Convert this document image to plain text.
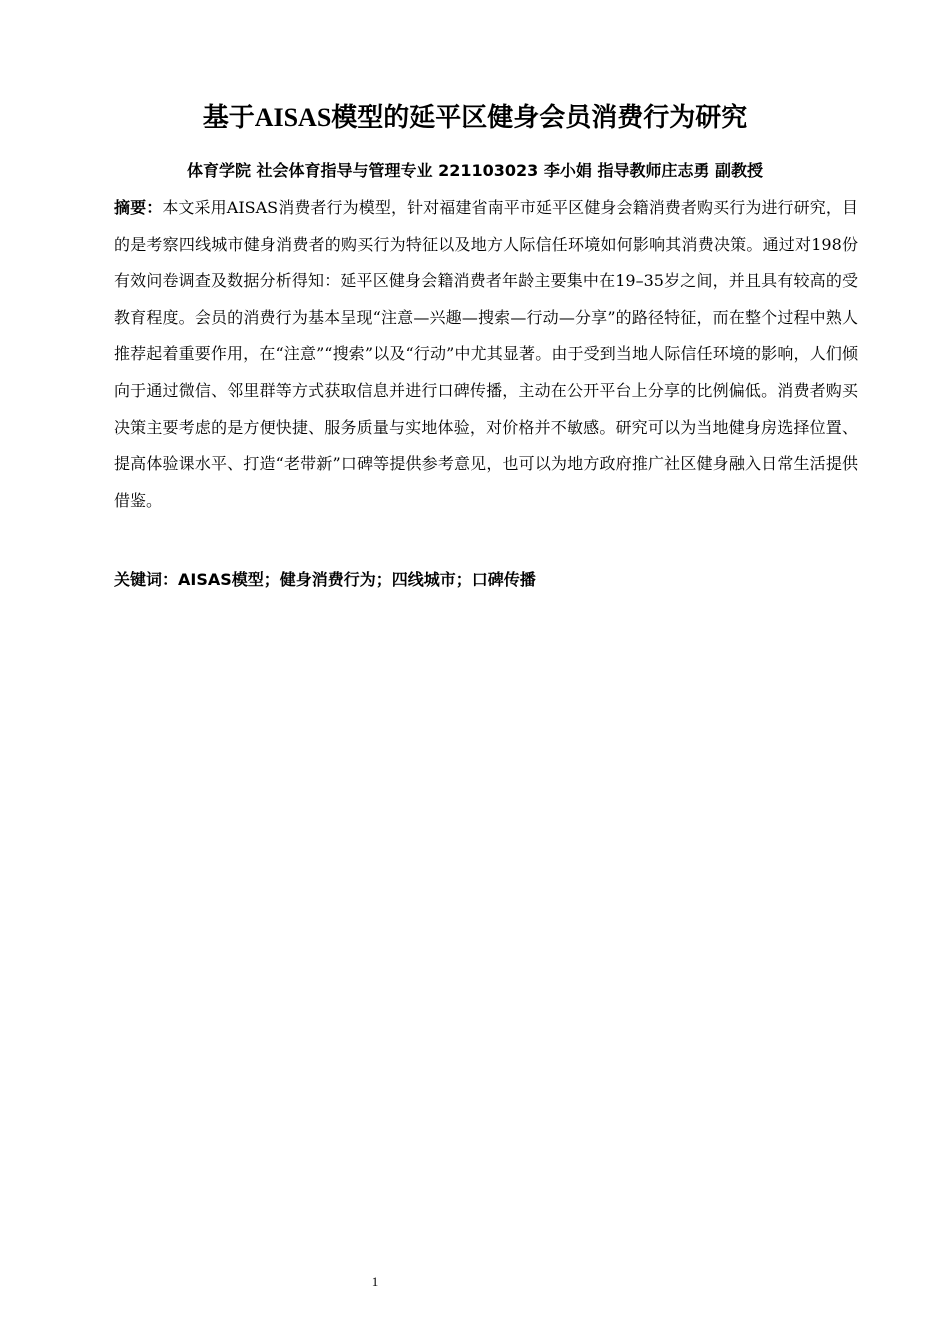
基于AISAS模型的延平区健身会员消费行为研究
体育学院 社会体育指导与管理专业 221103023 李小娟 指导教师庄志勇 副教授
摘要：本文采用AISAS消费者行为模型，针对福建省南平市延平区健身会籍消费者购买行为进行研究，目的是考察四线城市健身消费者的购买行为特征以及地方人际信任环境如何影响其消费决策。通过对198份有效问卷调查及数据分析得知：延平区健身会籍消费者年龄主要集中在19–35岁之间，并且具有较高的受教育程度。会员的消费行为基本呈现“注意—兴趣—搜索—行动—分享”的路径特征，而在整个过程中熟人推荐起着重要作用，在“注意”“搜索”以及“行动”中尤其显著。由于受到当地人际信任环境的影响，人们倾向于通过微信、邻里群等方式获取信息并进行口碑传播，主动在公开平台上分享的比例偏低。消费者购买决策主要考虑的是方便快捷、服务质量与实地体验，对价格并不敏感。研究可以为当地健身房选择位置、提高体验课水平、打造“老带新”口碑等提供参考意见，也可以为地方政府推广社区健身融入日常生活提供借鉴。
关键词：AISAS模型；健身消费行为；四线城市；口碑传播
1
